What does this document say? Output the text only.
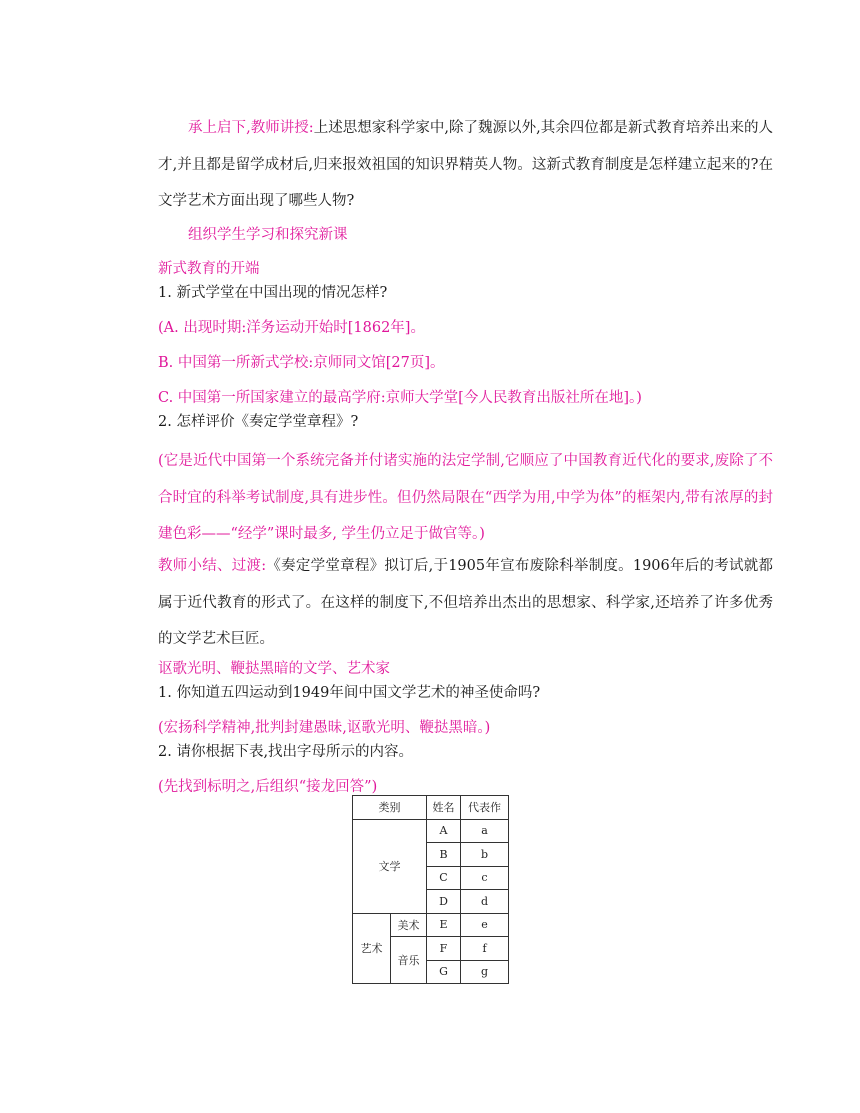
承上启下,教师讲授:上述思想家科学家中,除了魏源以外,其余四位都是新式教育培养出来的人才,并且都是留学成材后,归来报效祖国的知识界精英人物。这新式教育制度是怎样建立起来的?在文学艺术方面出现了哪些人物?
组织学生学习和探究新课
新式教育的开端
1. 新式学堂在中国出现的情况怎样?
(A. 出现时期:洋务运动开始时[1862年]。
B. 中国第一所新式学校:京师同文馆[27页]。
C. 中国第一所国家建立的最高学府:京师大学堂[今人民教育出版社所在地]。)
2. 怎样评价《奏定学堂章程》?
(它是近代中国第一个系统完备并付诸实施的法定学制,它顺应了中国教育近代化的要求,废除了不合时宜的科举考试制度,具有进步性。但仍然局限在“西学为用,中学为体”的框架内,带有浓厚的封建色彩——“经学”课时最多, 学生仍立足于做官等。)
教师小结、过渡:《奏定学堂章程》拟订后,于1905年宣布废除科举制度。1906年后的考试就都属于近代教育的形式了。在这样的制度下,不但培养出杰出的思想家、科学家,还培养了许多优秀的文学艺术巨匠。
讴歌光明、鞭挞黑暗的文学、艺术家
1. 你知道五四运动到1949年间中国文学艺术的神圣使命吗?
(宏扬科学精神,批判封建愚昧,讴歌光明、鞭挞黑暗。)
2. 请你根据下表,找出字母所示的内容。
(先找到标明之,后组织“接龙回答”)
类别		姓名	代表作
文学		A	a
		B	b
		C	c
		D	d
艺术	美术	E	e
	音乐	F	f
		G	g
